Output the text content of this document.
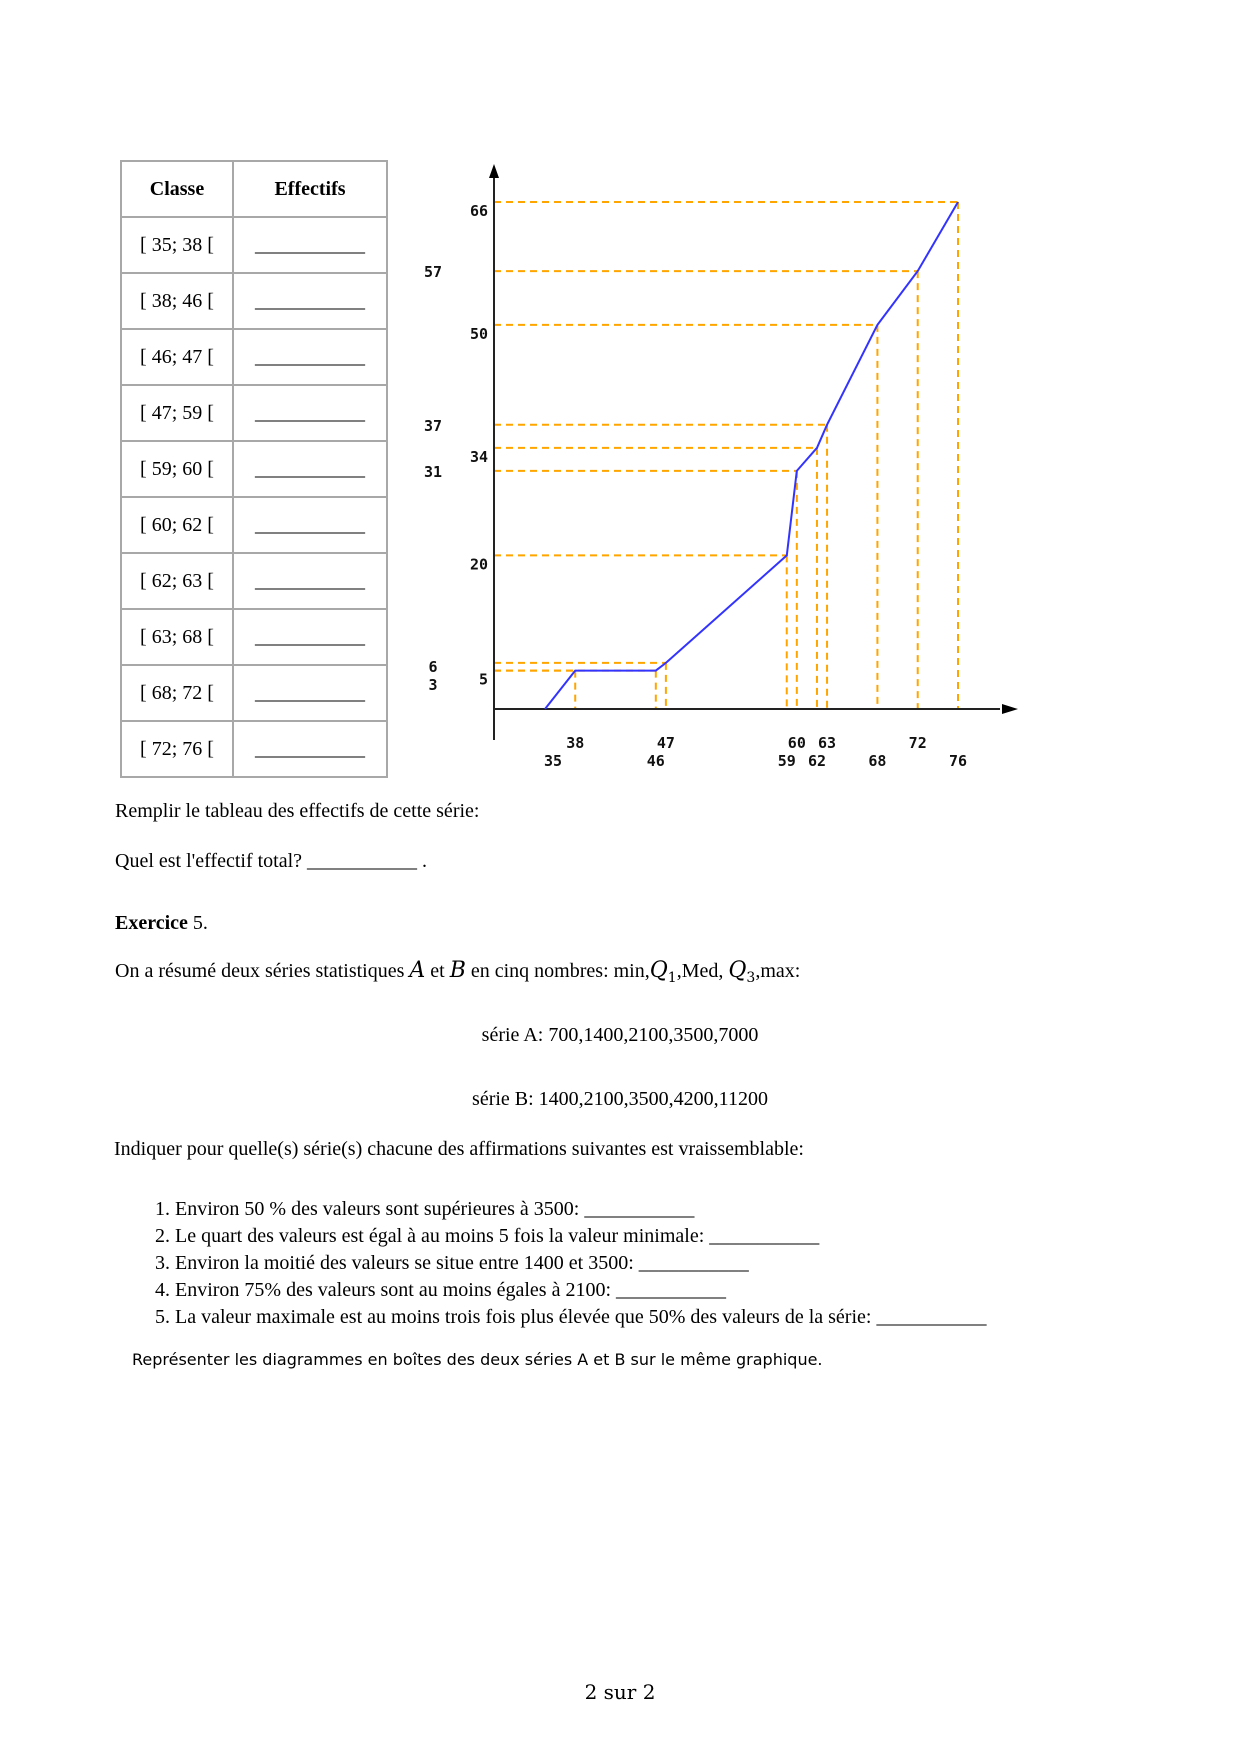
Classe	Effectifs
[ 35; 38 [	___________
[ 38; 46 [	___________
[ 46; 47 [	___________
[ 47; 59 [	___________
[ 59; 60 [	___________
[ 60; 62 [	___________
[ 62; 63 [	___________
[ 63; 68 [	___________
[ 68; 72 [	___________
[ 72; 76 [	___________
35
38
46
47
59
60
62
63
68
72
76
66
50
34
20
5
57
37
31
6
3
Remplir le tableau des effectifs de cette série:
Quel est l'effectif total? ___________ .
Exercice 5.
On a résumé deux séries statistiques A et B en cinq nombres: $\min,Q_1,Med$, $Q_3,\max$:
série A: 700,1400,2100,3500,7000
série B: 1400,2100,3500,4200,11200
Indiquer pour quelle(s) série(s) chacune des affirmations suivantes est vraissemblable:
1. Environ 50 % des valeurs sont supérieures à 3500: ___________
2. Le quart des valeurs est égal à au moins 5 fois la valeur minimale: ___________
3. Environ la moitié des valeurs se situe entre 1400 et 3500: ___________
4. Environ 75% des valeurs sont au moins égales à 2100: ___________
5. La valeur maximale est au moins trois fois plus élevée que 50% des valeurs de la série: ___________
Représenter les diagrammes en boîtes des deux séries A et B sur le même graphique.
2 sur 2
